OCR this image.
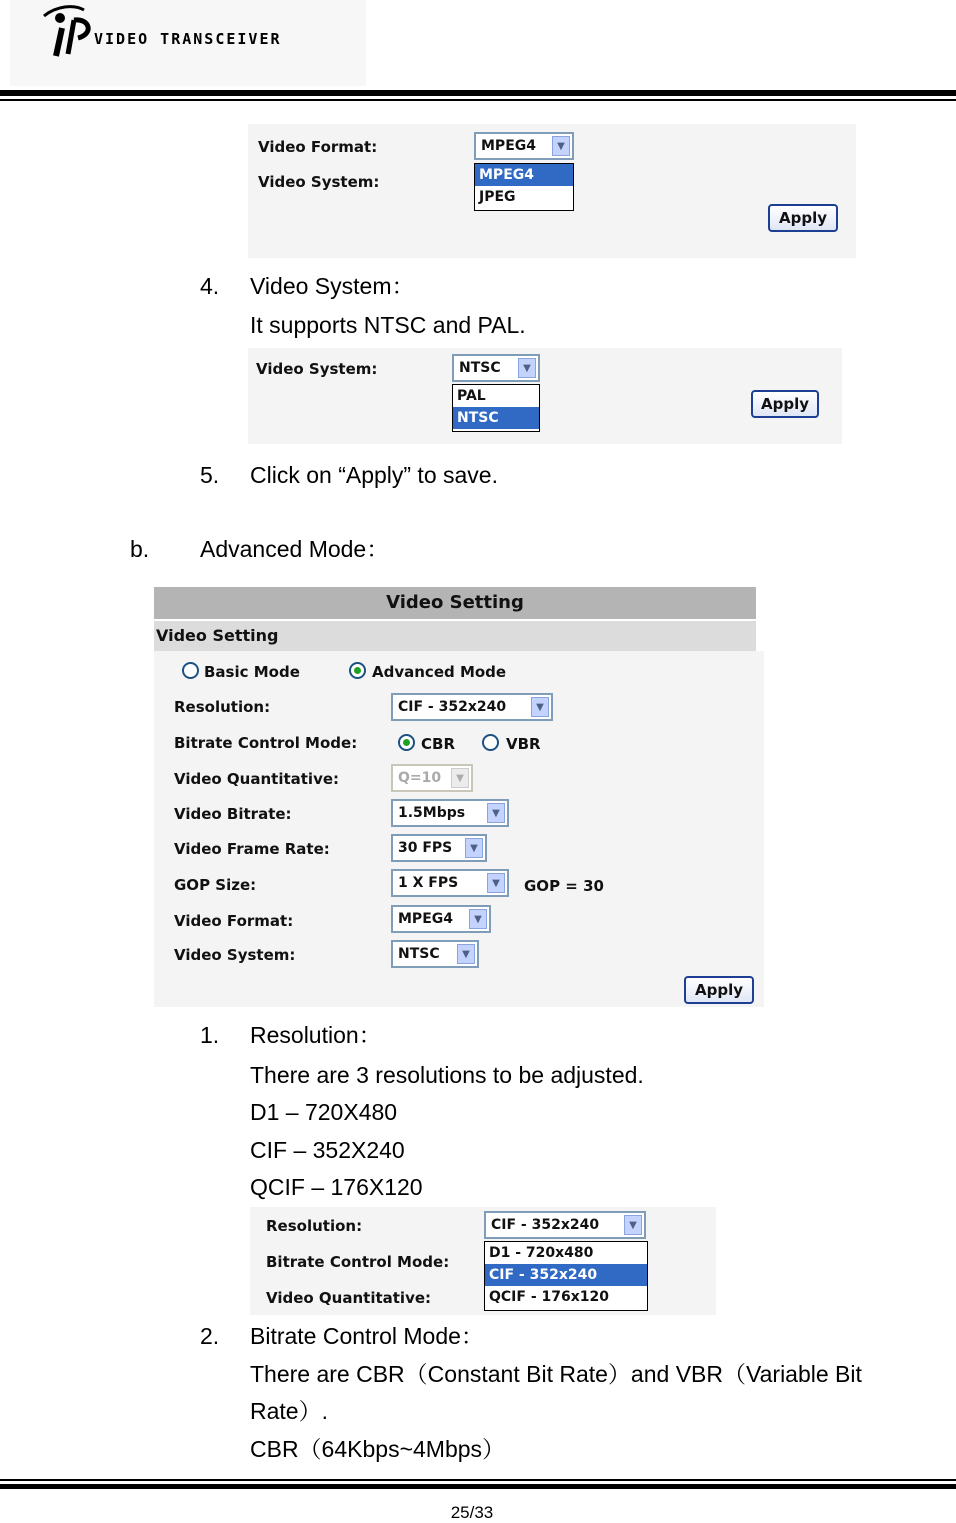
VIDEO TRANSCEIVER
Video Format:	MPEG4	▼
Video System:	MPEG4
JPEG
Apply
4. Video System：
It supports NTSC and PAL.
Video System:	NTSC	▼
PAL
NTSC
Apply
5. Click on “Apply” to save.
b. Advanced Mode：
Video Setting
Video Setting
Basic Mode	Advanced Mode
Resolution:	CIF - 352x240	▼
Bitrate Control Mode:	CBR	VBR
Video Quantitative:	Q=10	▼
Video Bitrate:	1.5Mbps	▼
Video Frame Rate:	30 FPS	▼
GOP Size:	1 X FPS	▼	GOP = 30
Video Format:	MPEG4	▼
Video System:	NTSC	▼
Apply
1. Resolution：
There are 3 resolutions to be adjusted.
D1 – 720X480
CIF – 352X240
QCIF – 176X120
Resolution:	CIF - 352x240	▼
Bitrate Control Mode:
Video Quantitative:
D1 - 720x480
CIF - 352x240
QCIF - 176x120
2. Bitrate Control Mode：
There are CBR（Constant Bit Rate）and VBR（Variable Bit
Rate）.
CBR（64Kbps~4Mbps）
25/33
